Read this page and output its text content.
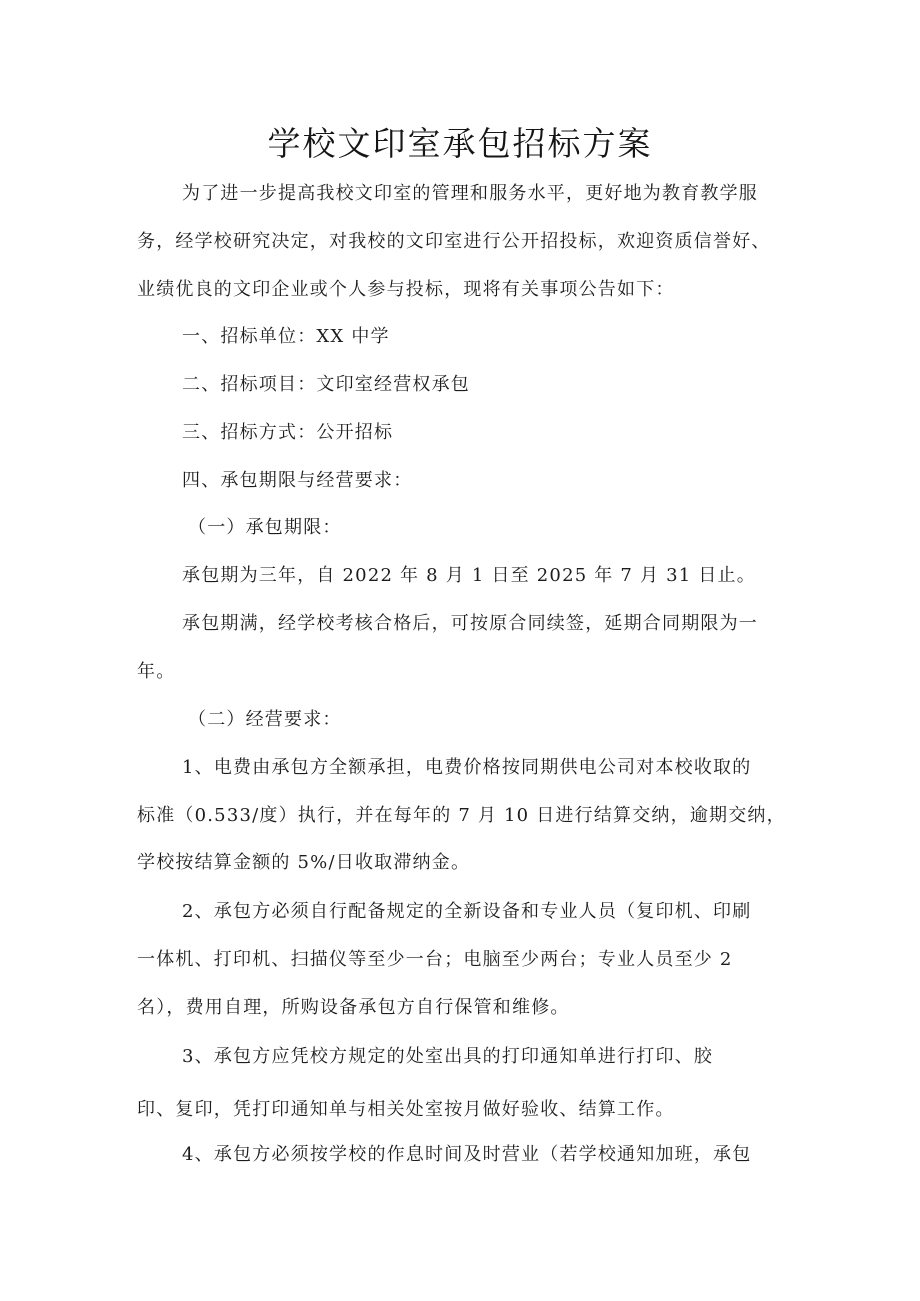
学校文印室承包招标方案

为了进一步提高我校文印室的管理和服务水平，更好地为教育教学服

务，经学校研究决定，对我校的文印室进行公开招投标，欢迎资质信誉好、

业绩优良的文印企业或个人参与投标，现将有关事项公告如下：

一、招标单位：XX 中学

二、招标项目：文印室经营权承包

三、招标方式：公开招标

四、承包期限与经营要求：

（一）承包期限：

承包期为三年，自 2022 年 8 月 1 日至 2025 年 7 月 31 日止。

承包期满，经学校考核合格后，可按原合同续签，延期合同期限为一

年。

（二）经营要求：

1、电费由承包方全额承担，电费价格按同期供电公司对本校收取的

标准（0.533/度）执行，并在每年的 7 月 10 日进行结算交纳，逾期交纳，

学校按结算金额的 5%/日收取滞纳金。

2、承包方必须自行配备规定的全新设备和专业人员（复印机、印刷

一体机、打印机、扫描仪等至少一台；电脑至少两台；专业人员至少 2

名），费用自理，所购设备承包方自行保管和维修。

3、承包方应凭校方规定的处室出具的打印通知单进行打印、胶

印、复印，凭打印通知单与相关处室按月做好验收、结算工作。

4、承包方必须按学校的作息时间及时营业（若学校通知加班，承包
